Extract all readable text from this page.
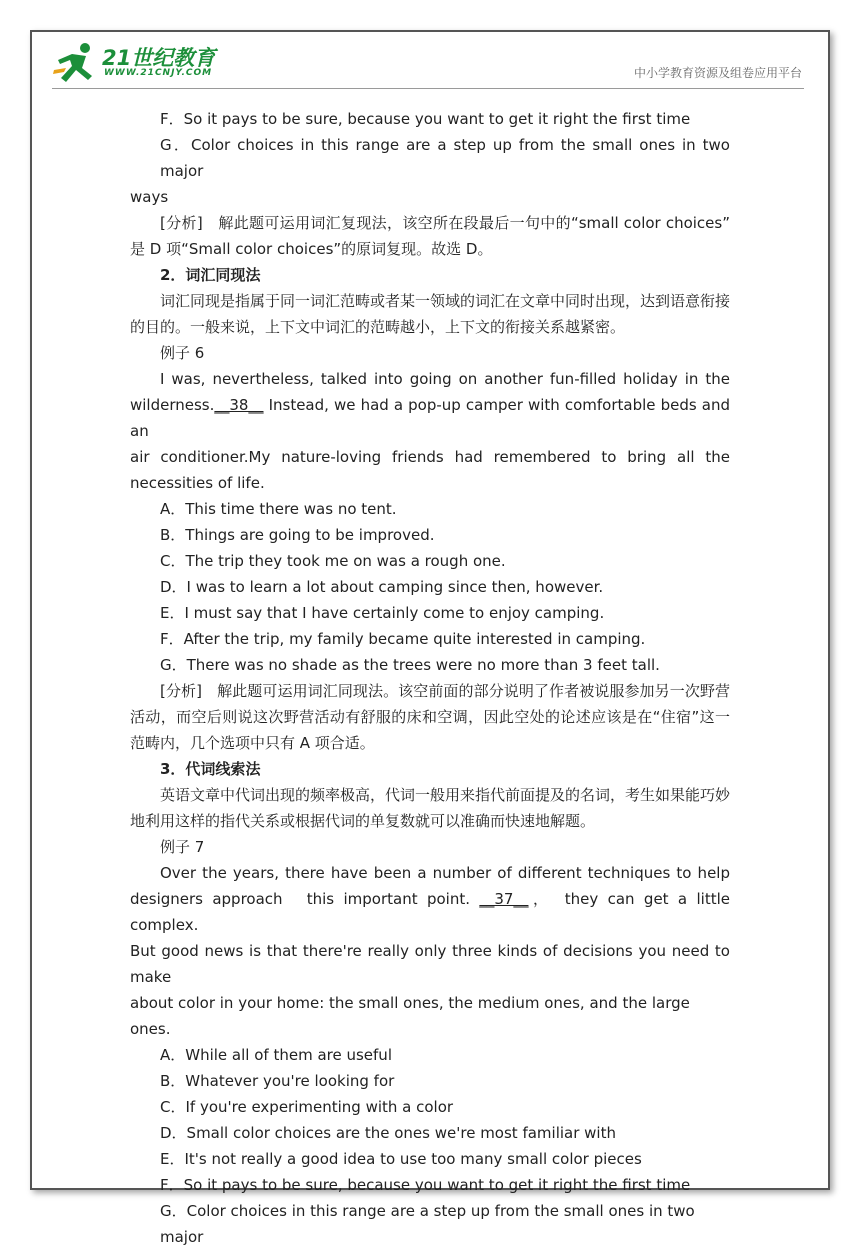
21世纪教育
WWW.21CNJY.COM	中小学教育资源及组卷应用平台

F．So it pays to be sure, because you want to get it right the first time

G．Color choices in this range are a step up from the small ones in two major

ways

[分析]　解此题可运用词汇复现法，该空所在段最后一句中的“small color choices”

是 D 项“Small color choices”的原词复现。故选 D。

2．词汇同现法

词汇同现是指属于同一词汇范畴或者某一领域的词汇在文章中同时出现，达到语意衔接

的目的。一般来说，上下文中词汇的范畴越小，上下文的衔接关系越紧密。

例子 6

I was, nevertheless, talked into going on another fun‑filled holiday in the

wilderness.__38__ Instead, we had a pop-up camper with comfortable beds and an

air conditioner.My nature‑loving friends had remembered to bring all the

necessities of life.

A．This time there was no tent.

B．Things are going to be improved.

C．The trip they took me on was a rough one.

D．I was to learn a lot about camping since then, however.

E．I must say that I have certainly come to enjoy camping.

F．After the trip, my family became quite interested in camping.

G．There was no shade as the trees were no more than 3 feet tall.

[分析]　解此题可运用词汇同现法。该空前面的部分说明了作者被说服参加另一次野营

活动，而空后则说这次野营活动有舒服的床和空调，因此空处的论述应该是在“住宿”这一

范畴内，几个选项中只有 A 项合适。

3．代词线索法

英语文章中代词出现的频率极高，代词一般用来指代前面提及的名词，考生如果能巧妙

地利用这样的指代关系或根据代词的单复数就可以准确而快速地解题。

例子 7

Over the years, there have been a number of different techniques to help

designers approach　this important point. __37__，　they can get a little complex.

But good news is that there're really only three kinds of decisions you need to make

about color in your home: the small ones, the medium ones, and the large ones.

A．While all of them are useful

B．Whatever you're looking for

C．If you're experimenting with a color

D．Small color choices are the ones we're most familiar with

E．It's not really a good idea to use too many small color pieces

F．So it pays to be sure, because you want to get it right the first time

G．Color choices in this range are a step up from the small ones in two major
